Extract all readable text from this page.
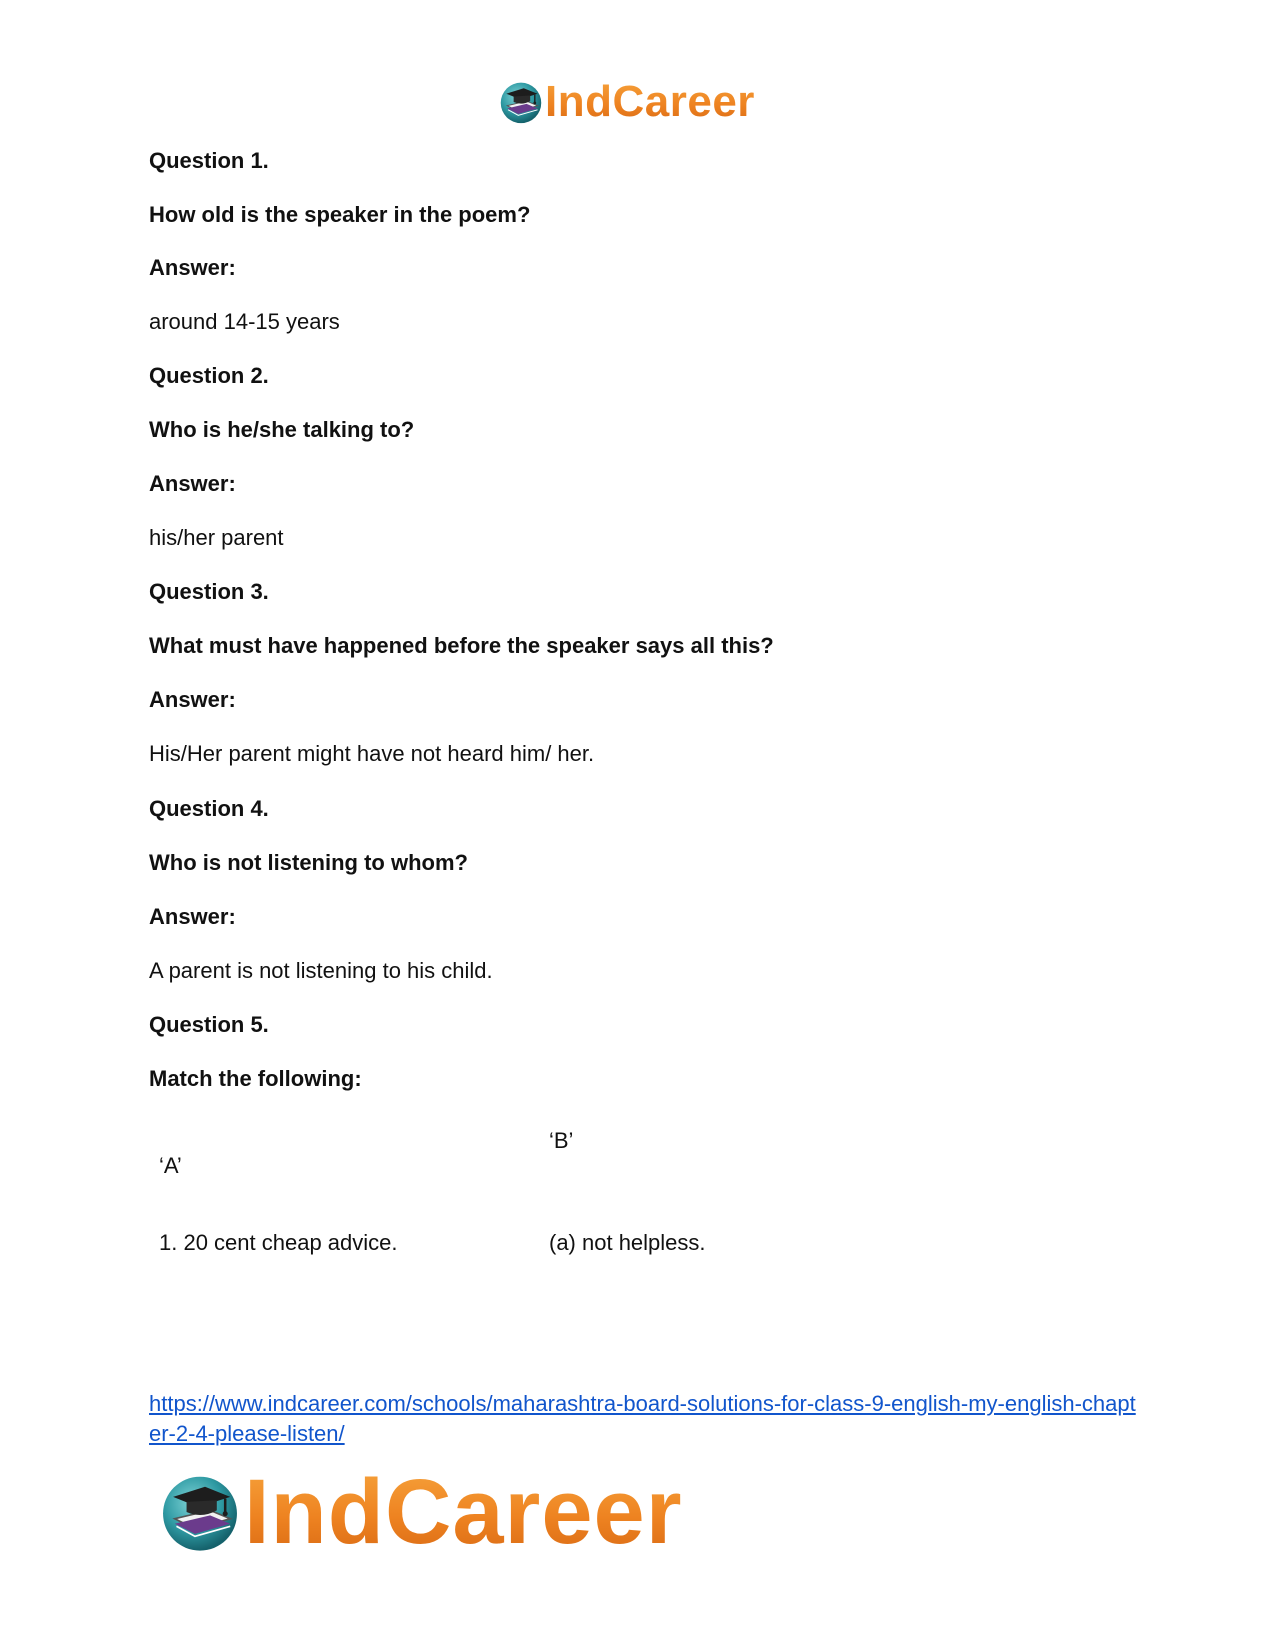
IndCareer
Question 1.
How old is the speaker in the poem?
Answer:
around 14-15 years
Question 2.
Who is he/she talking to?
Answer:
his/her parent
Question 3.
What must have happened before the speaker says all this?
Answer:
His/Her parent might have not heard him/ her.
Question 4.
Who is not listening to whom?
Answer:
A parent is not listening to his child.
Question 5.
Match the following:
‘A’
‘B’
1. 20 cent cheap advice.	(a) not helpless.
https://www.indcareer.com/schools/maharashtra-board-solutions-for-class-9-english-my-english-chapter-2-4-please-listen/
IndCareer
